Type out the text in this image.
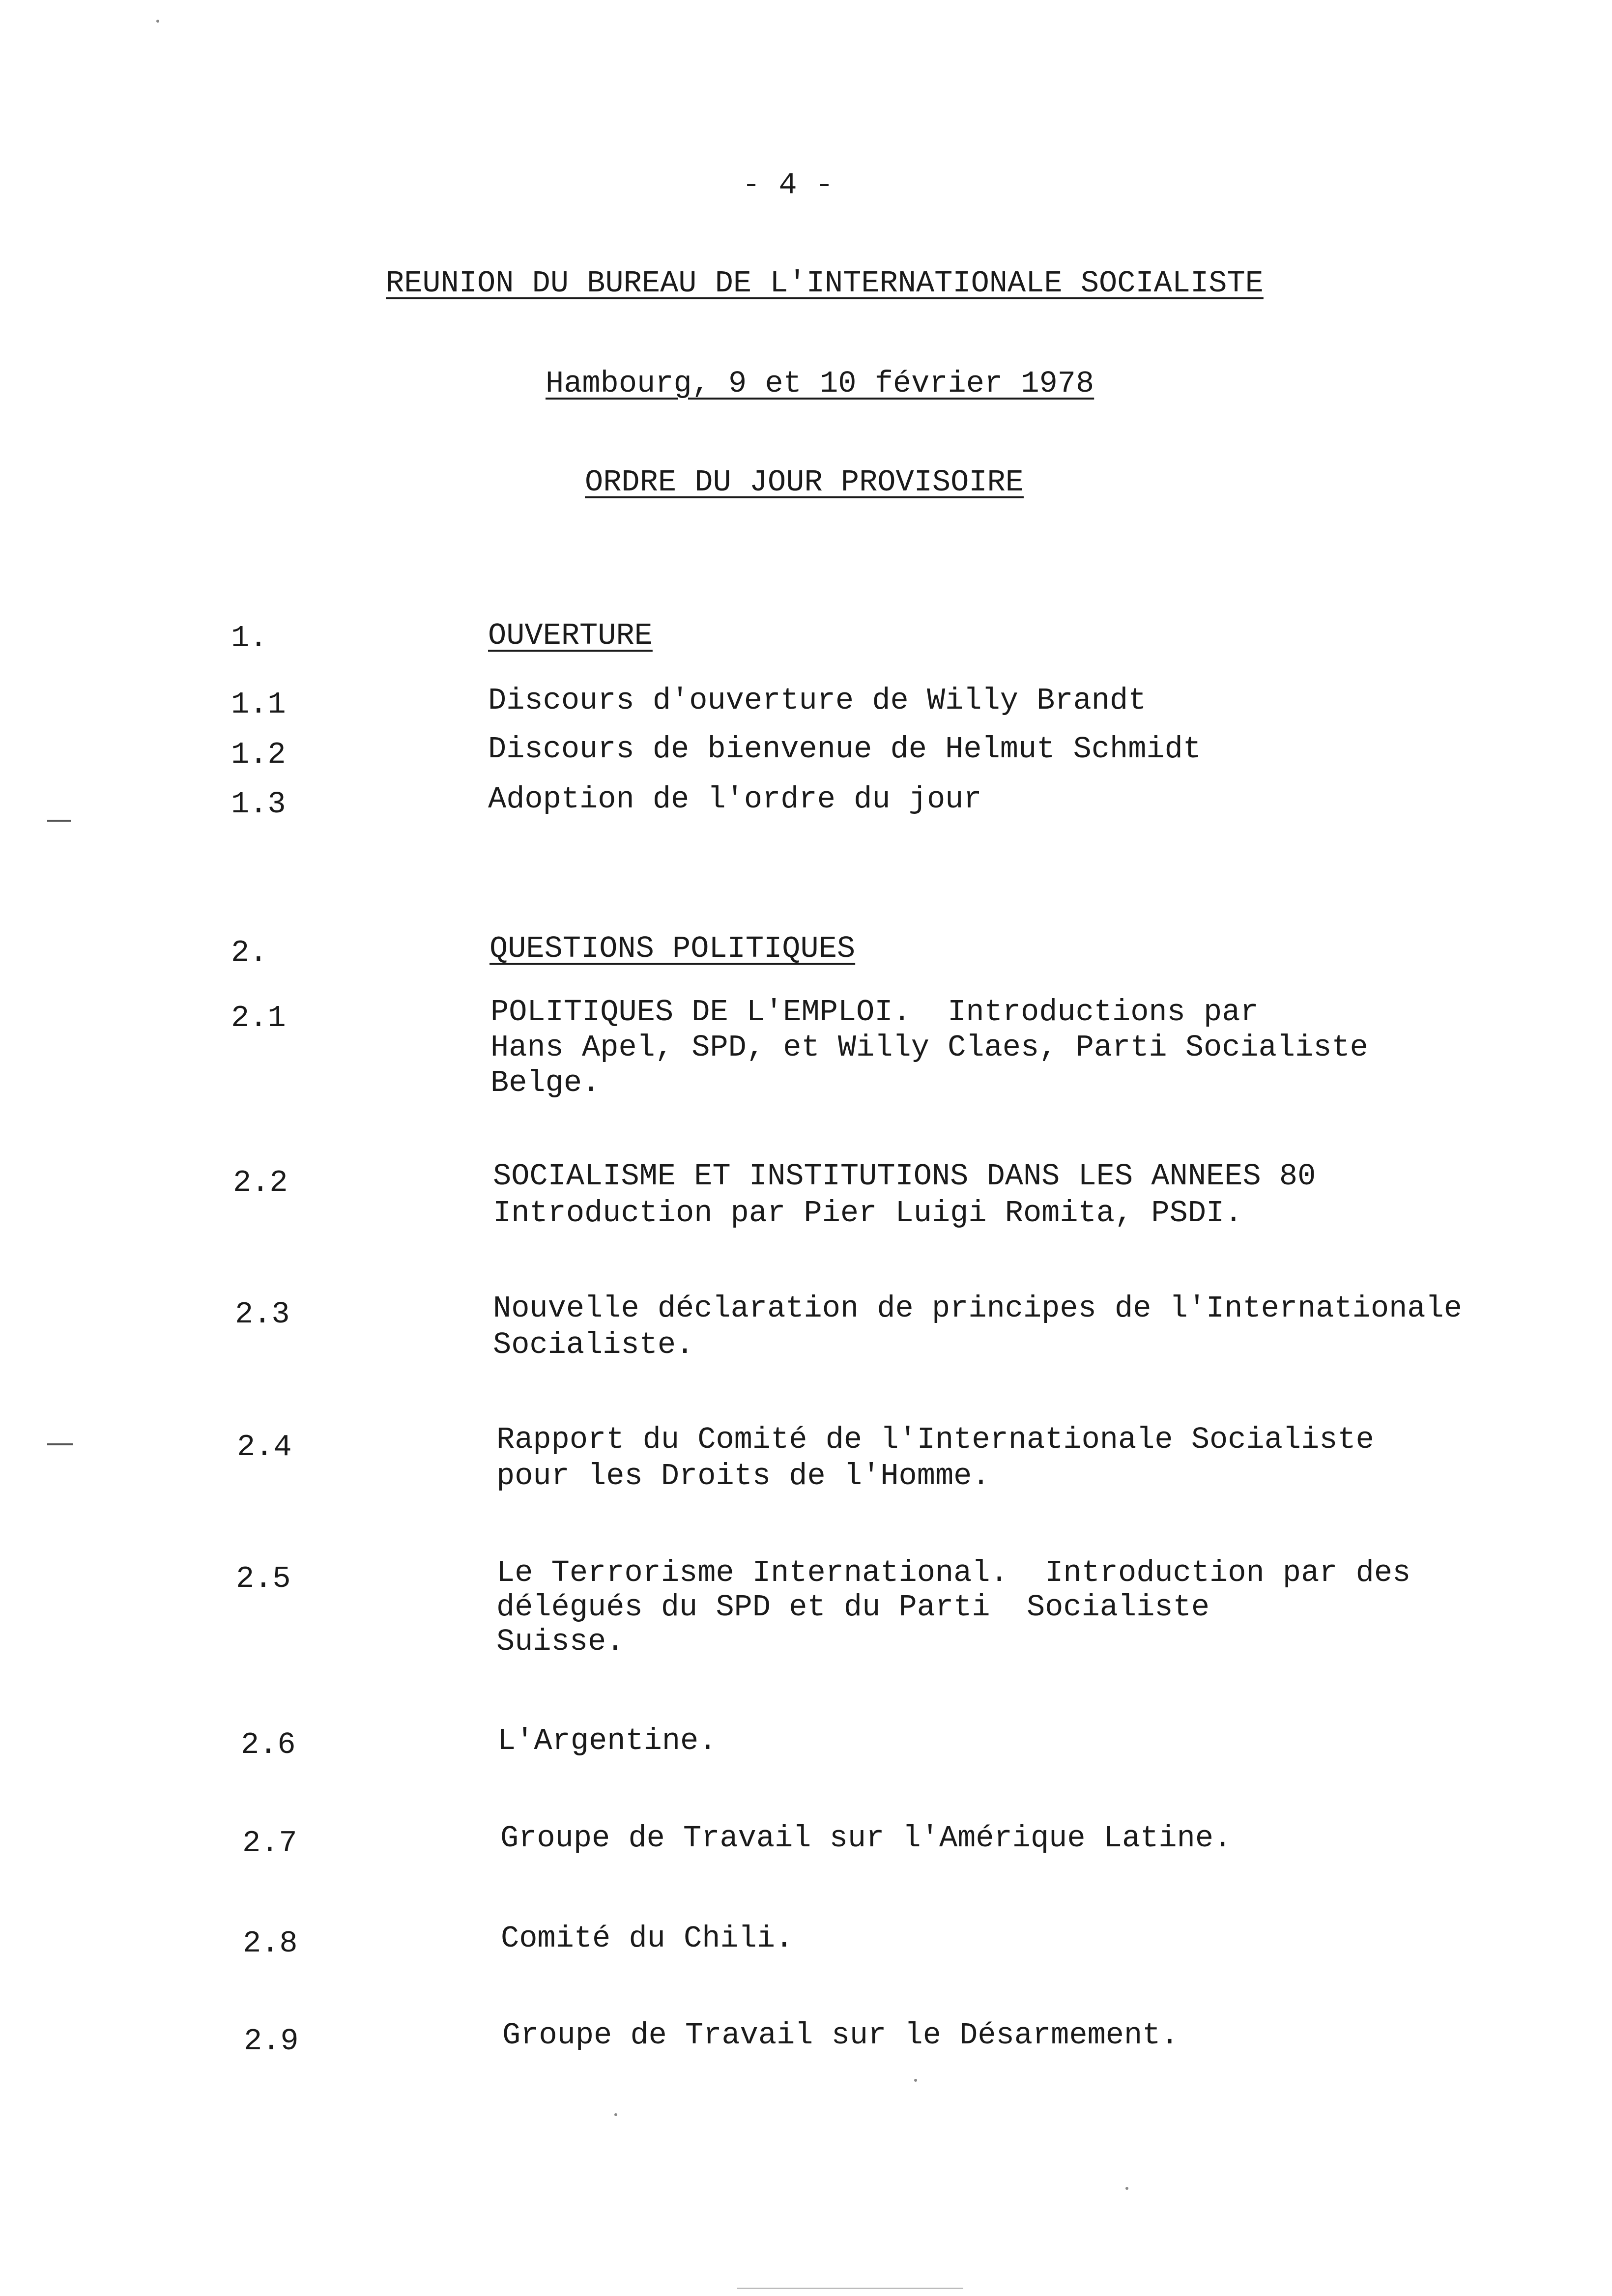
- 4 -
REUNION DU BUREAU DE L'INTERNATIONALE SOCIALISTE
Hambourg, 9 et 10 février 1978
ORDRE DU JOUR PROVISOIRE
1.	OUVERTURE
1.1	Discours d'ouverture de Willy Brandt
1.2	Discours de bienvenue de Helmut Schmidt
1.3	Adoption de l'ordre du jour
2.	QUESTIONS POLITIQUES
2.1	POLITIQUES DE L'EMPLOI.  Introductions par
Hans Apel, SPD, et Willy Claes, Parti Socialiste
Belge.
2.2	SOCIALISME ET INSTITUTIONS DANS LES ANNEES 80
Introduction par Pier Luigi Romita, PSDI.
2.3	Nouvelle déclaration de principes de l'Internationale
Socialiste.
2.4	Rapport du Comité de l'Internationale Socialiste
pour les Droits de l'Homme.
2.5	Le Terrorisme International.  Introduction par des
délégués du SPD et du Parti  Socialiste
Suisse.
2.6	L'Argentine.
2.7	Groupe de Travail sur l'Amérique Latine.
2.8	Comité du Chili.
2.9	Groupe de Travail sur le Désarmement.
